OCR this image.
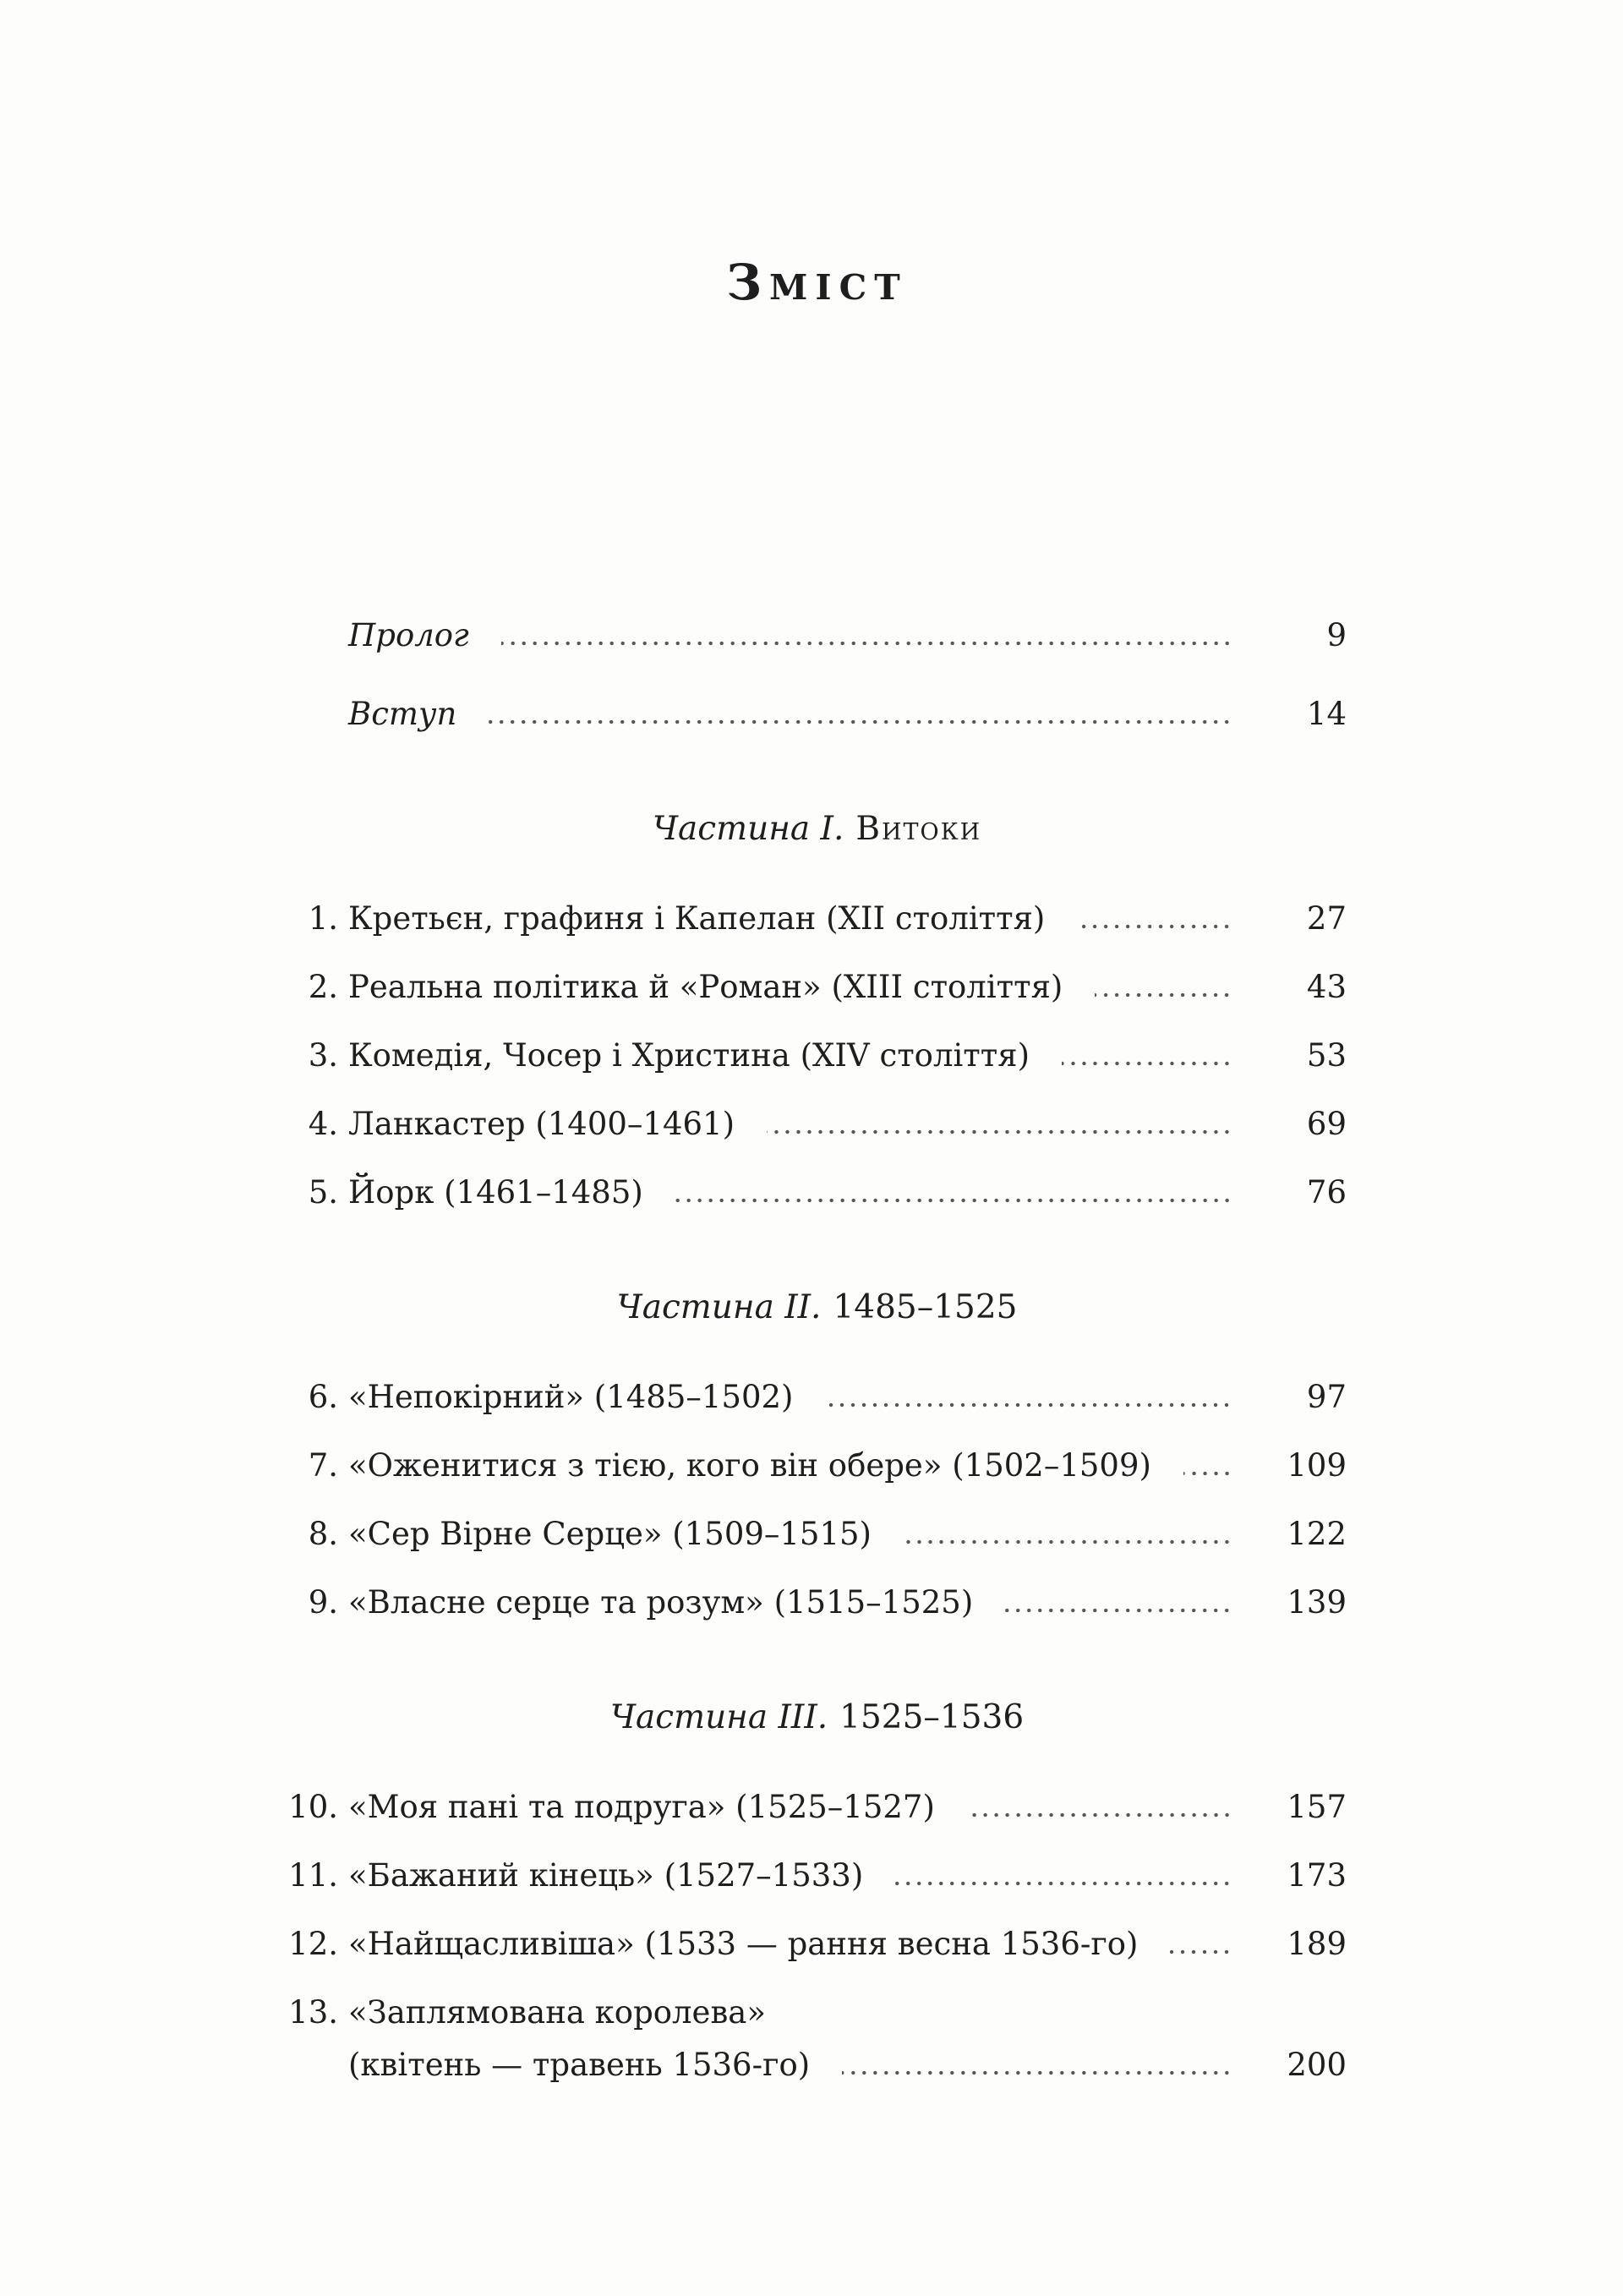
Зміст
Пролог	9
Вступ	14
Частина I. Витоки
1. Кретьєн, графиня і Капелан (XII століття)	27
2. Реальна політика й «Роман» (XIII століття)	43
3. Комедія, Чосер і Христина (XIV століття)	53
4. Ланкастер (1400–1461)	69
5. Йорк (1461–1485)	76
Частина II. 1485–1525
6. «Непокірний» (1485–1502)	97
7. «Оженитися з тією, кого він обере» (1502–1509)	109
8. «Сер Вірне Серце» (1509–1515)	122
9. «Власне серце та розум» (1515–1525)	139
Частина III. 1525–1536
10. «Моя пані та подруга» (1525–1527)	157
11. «Бажаний кінець» (1527–1533)	173
12. «Найщасливіша» (1533 — рання весна 1536-го)	189
13. «Заплямована королева»
(квітень — травень 1536-го)	200
